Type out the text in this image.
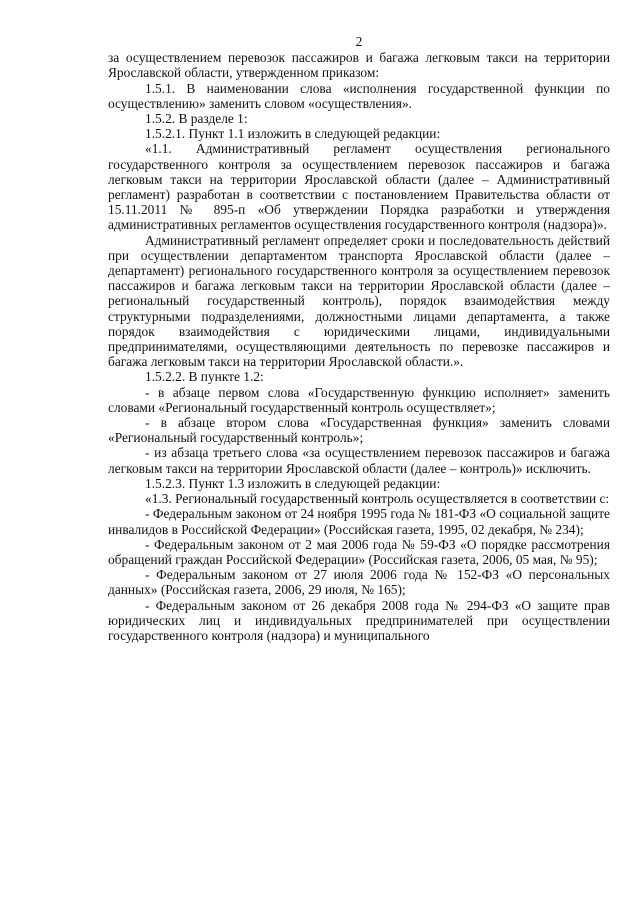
2

за осуществлением перевозок пассажиров и багажа легковым такси на территории Ярославской области, утвержденном приказом:

1.5.1. В наименовании слова «исполнения государственной функции по осуществлению» заменить словом «осуществления».

1.5.2. В разделе 1:

1.5.2.1. Пункт 1.1 изложить в следующей редакции:

«1.1. Административный регламент осуществления регионального государственного контроля за осуществлением перевозок пассажиров и багажа легковым такси на территории Ярославской области (далее – Административный регламент) разработан в соответствии с постановлением Правительства области от 15.11.2011 № 895-п «Об утверждении Порядка разработки и утверждения административных регламентов осуществления государственного контроля (надзора)».

Административный регламент определяет сроки и последовательность действий при осуществлении департаментом транспорта Ярославской области (далее – департамент) регионального государственного контроля за осуществлением перевозок пассажиров и багажа легковым такси на территории Ярославской области (далее – региональный государственный контроль), порядок взаимодействия между структурными подразделениями, должностными лицами департамента, а также порядок взаимодействия с юридическими лицами, индивидуальными предпринимателями, осуществляющими деятельность по перевозке пассажиров и багажа легковым такси на территории Ярославской области.».

1.5.2.2. В пункте 1.2:

- в абзаце первом слова «Государственную функцию исполняет» заменить словами «Региональный государственный контроль осуществляет»;

- в абзаце втором слова «Государственная функция» заменить словами «Региональный государственный контроль»;

- из абзаца третьего слова «за осуществлением перевозок пассажиров и багажа легковым такси на территории Ярославской области (далее – контроль)» исключить.

1.5.2.3. Пункт 1.3 изложить в следующей редакции:

«1.3. Региональный государственный контроль осуществляется в соответствии с:

- Федеральным законом от 24 ноября 1995 года № 181-ФЗ «О социальной защите инвалидов в Российской Федерации» (Российская газета, 1995, 02 декабря, № 234);

- Федеральным законом от 2 мая 2006 года № 59-ФЗ «О порядке рассмотрения обращений граждан Российской Федерации» (Российская газета, 2006, 05 мая, № 95);

- Федеральным законом от 27 июля 2006 года № 152-ФЗ «О персональных данных» (Российская газета, 2006, 29 июля, № 165);

- Федеральным законом от 26 декабря 2008 года № 294-ФЗ «О защите прав юридических лиц и индивидуальных предпринимателей при осуществлении государственного контроля (надзора) и муниципального
